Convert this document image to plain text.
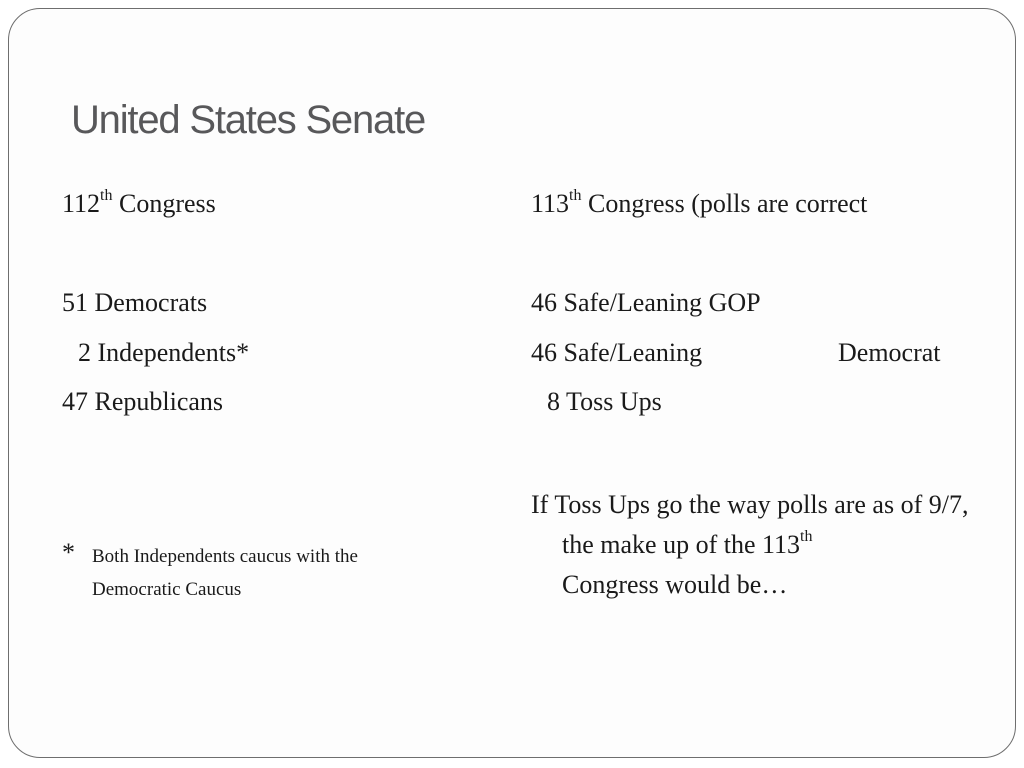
United States Senate
112th Congress
51 Democrats
2 Independents*
47 Republicans
* Both Independents caucus with the Democratic Caucus
113th Congress (polls are correct
46 Safe/Leaning GOP
46 Safe/Leaning	Democrat
8 Toss Ups
If Toss Ups go the way polls are as of 9/7, the make up of the 113th
Congress would be…
